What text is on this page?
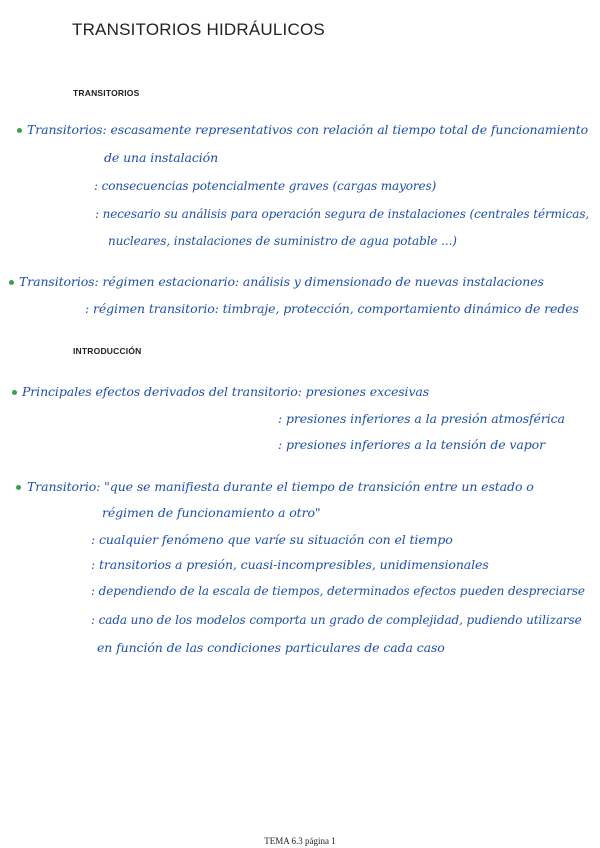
TRANSITORIOS HIDRÁULICOS
TRANSITORIOS
Transitorios: escasamente representativos con relación al tiempo total de funcionamiento
de una instalación
: consecuencias potencialmente graves (cargas mayores)
: necesario su análisis para operación segura de instalaciones (centrales térmicas,
nucleares, instalaciones de suministro de agua potable ...)
Transitorios: régimen estacionario: análisis y dimensionado de nuevas instalaciones
: régimen transitorio: timbraje, protección, comportamiento dinámico de redes
INTRODUCCIÓN
Principales efectos derivados del transitorio: presiones excesivas
: presiones inferiores a la presión atmosférica
: presiones inferiores a la tensión de vapor
Transitorio: "que se manifiesta durante el tiempo de transición entre un estado o
régimen de funcionamiento a otro"
: cualquier fenómeno que varíe su situación con el tiempo
: transitorios a presión, cuasi-incompresibles, unidimensionales
: dependiendo de la escala de tiempos, determinados efectos pueden despreciarse
: cada uno de los modelos comporta un grado de complejidad, pudiendo utilizarse
en función de las condiciones particulares de cada caso
TEMA 6.3 página 1
